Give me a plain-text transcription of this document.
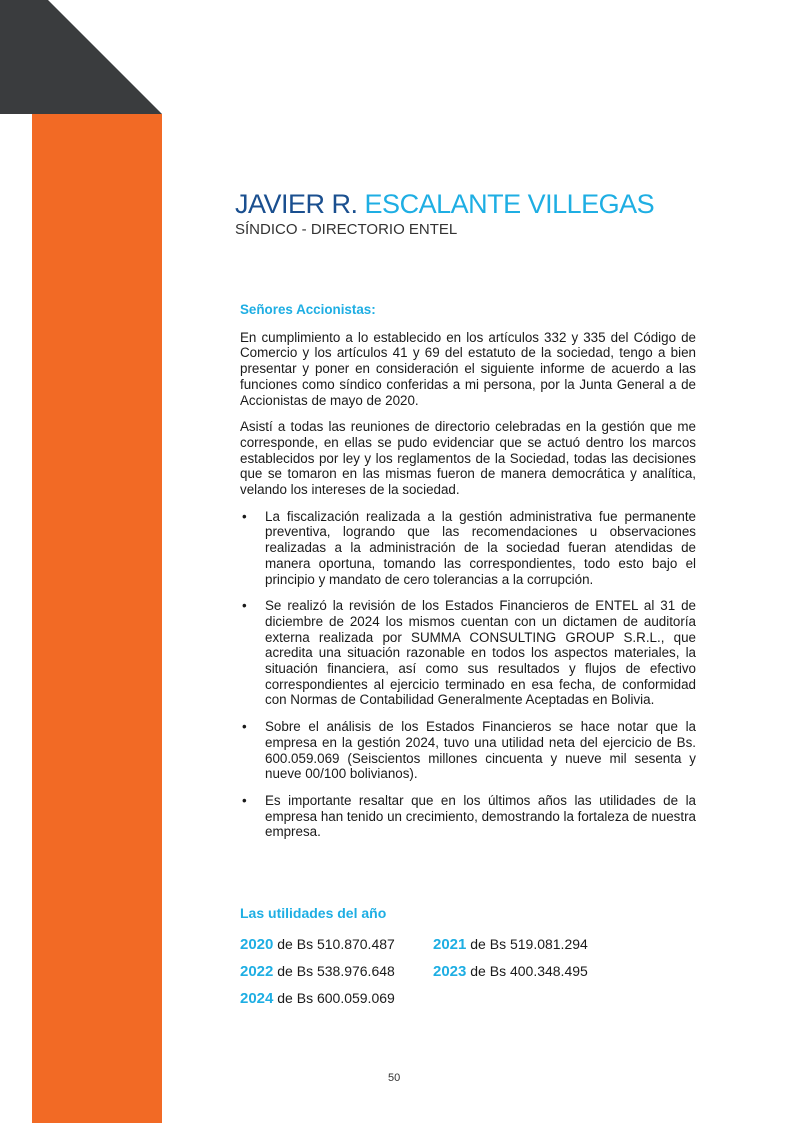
JAVIER R. ESCALANTE VILLEGAS
SÍNDICO - DIRECTORIO ENTEL

Señores Accionistas:

En cumplimiento a lo establecido en los artículos 332 y 335 del Código de Comercio y los artículos 41 y 69 del estatuto de la sociedad, tengo a bien presentar y poner en consideración el siguiente informe de acuerdo a las funciones como síndico conferidas a mi persona, por la Junta General a de Accionistas de mayo de 2020.

Asistí a todas las reuniones de directorio celebradas en la gestión que me corresponde, en ellas se pudo evidenciar que se actuó dentro los marcos establecidos por ley y los reglamentos de la Sociedad, todas las decisiones que se tomaron en las mismas fueron de manera democrática y analítica, velando los intereses de la sociedad.

• La fiscalización realizada a la gestión administrativa fue permanente preventiva, logrando que las recomendaciones u observaciones realizadas a la administración de la sociedad fueran atendidas de manera oportuna, tomando las correspondientes, todo esto bajo el principio y mandato de cero tolerancias a la corrupción.
• Se realizó la revisión de los Estados Financieros de ENTEL al 31 de diciembre de 2024 los mismos cuentan con un dictamen de auditoría externa realizada por SUMMA CONSULTING GROUP S.R.L., que acredita una situación razonable en todos los aspectos materiales, la situación financiera, así como sus resultados y flujos de efectivo correspondientes al ejercicio terminado en esa fecha, de conformidad con Normas de Contabilidad Generalmente Aceptadas en Bolivia.
• Sobre el análisis de los Estados Financieros se hace notar que la empresa en la gestión 2024, tuvo una utilidad neta del ejercicio de Bs. 600.059.069 (Seiscientos millones cincuenta y nueve mil sesenta y nueve 00/100 bolivianos).
• Es importante resaltar que en los últimos años las utilidades de la empresa han tenido un crecimiento, demostrando la fortaleza de nuestra empresa.
Las utilidades del año
2020 de Bs 510.870.487	2021 de Bs 519.081.294
2022 de Bs 538.976.648	2023 de Bs 400.348.495
2024 de Bs 600.059.069
50
